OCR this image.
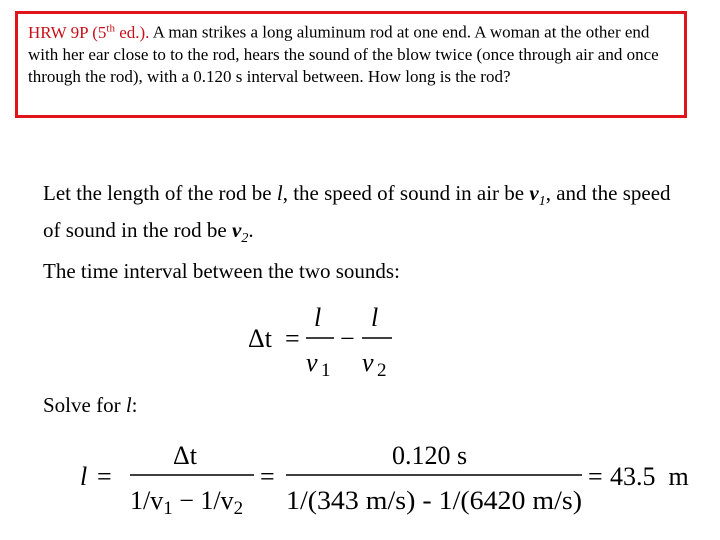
HRW 9P (5th ed.). A man strikes a long aluminum rod at one end. A woman at the other end with her ear close to to the rod, hears the sound of the blow twice (once through air and once through the rod), with a 0.120 s interval between. How long is the rod?
Let the length of the rod be l, the speed of sound in air be $v_1$, and the speed of sound in the rod be $v_2$.
The time interval between the two sounds:
Δt =
l
v 1
−
l
v 2
Solve for l:
l =
Δt
1/v1 − 1/v2
=
0.120 s
1/(343 m/s) - 1/(6420 m/s)
= 43.5  m
